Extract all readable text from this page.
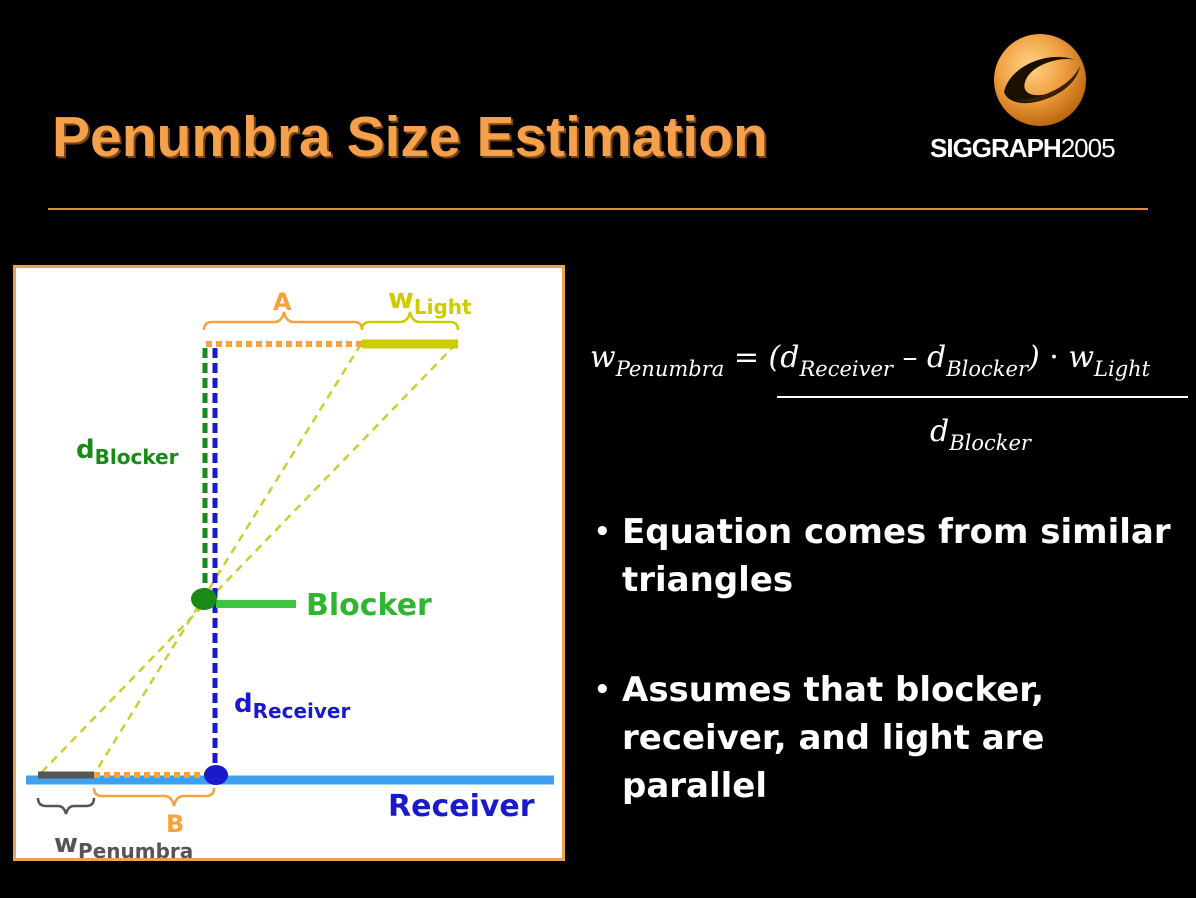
Penumbra Size Estimation	SIGGRAPH2005
A	$w_{Light}$
$d_{Blocker}$
Blocker
$d_{Receiver}$
Receiver
$w_{Penumbra}$
B
$w_{Penumbra} = (d_{Receiver} - d_{Blocker}) \cdot w_{Light}$
$d_{Blocker}$
• Equation comes from similar triangles
• Assumes that blocker, receiver, and light are parallel
